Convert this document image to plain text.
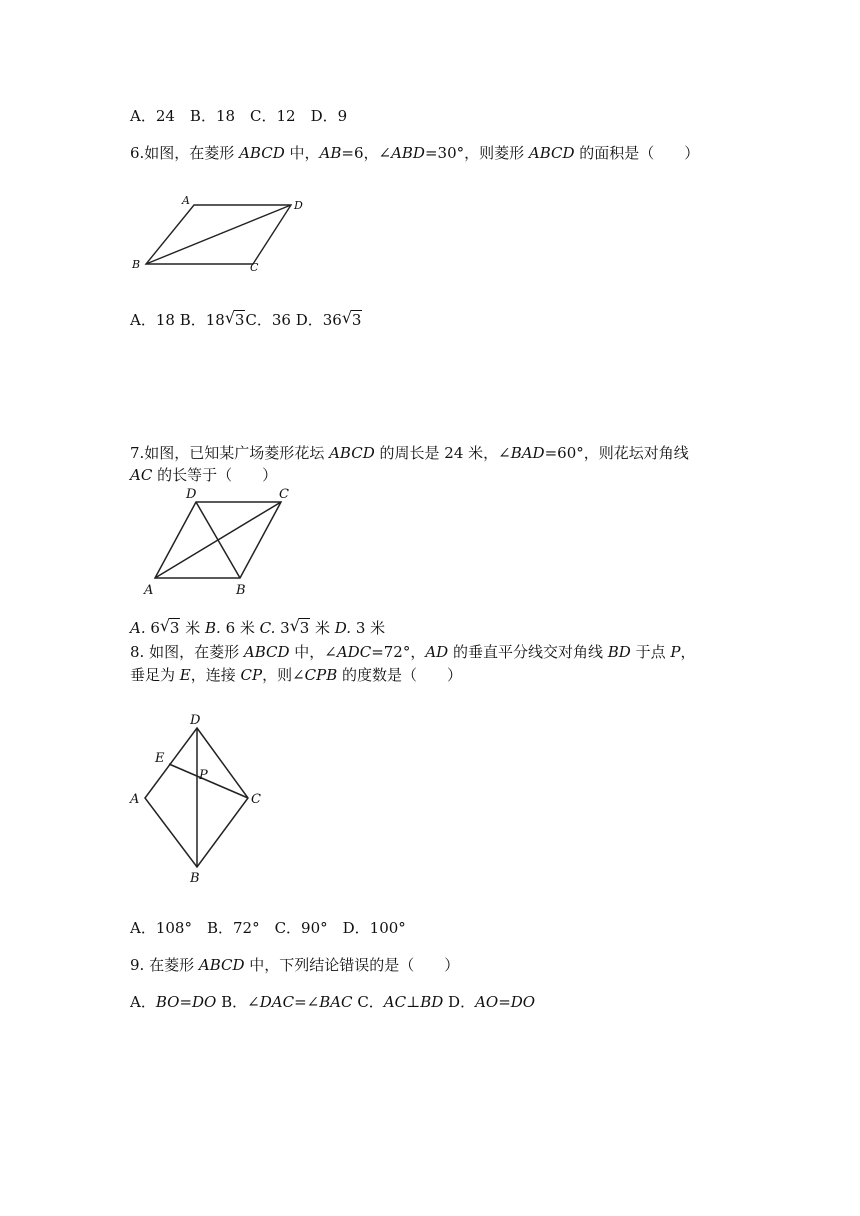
A．24　B．18　C．12　D．9
6.如图，在菱形 ABCD 中，AB=6，∠ABD=30°，则菱形 ABCD 的面积是（　　）
A	D
B	C
A．18 B．18 √ 3C．36 D．36 √ 3
7.如图，已知某广场菱形花坛 ABCD 的周长是 24 米，∠BAD=60°，则花坛对角线
AC 的长等于（　　）
D	C
A	B
A. 6 √ 3 米 B. 6 米 C. 3 √ 3 米 D. 3 米
8. 如图，在菱形 ABCD 中，∠ADC=72°，AD 的垂直平分线交对角线 BD 于点 P，
垂足为 E，连接 CP，则∠CPB 的度数是（　　）
D
E
P
A	C
B
A．108°　B．72°　C．90°　D．100°
9. 在菱形 ABCD 中，下列结论错误的是（　　）
A．BO=DO B．∠DAC=∠BAC C．AC⊥BD D．AO=DO
